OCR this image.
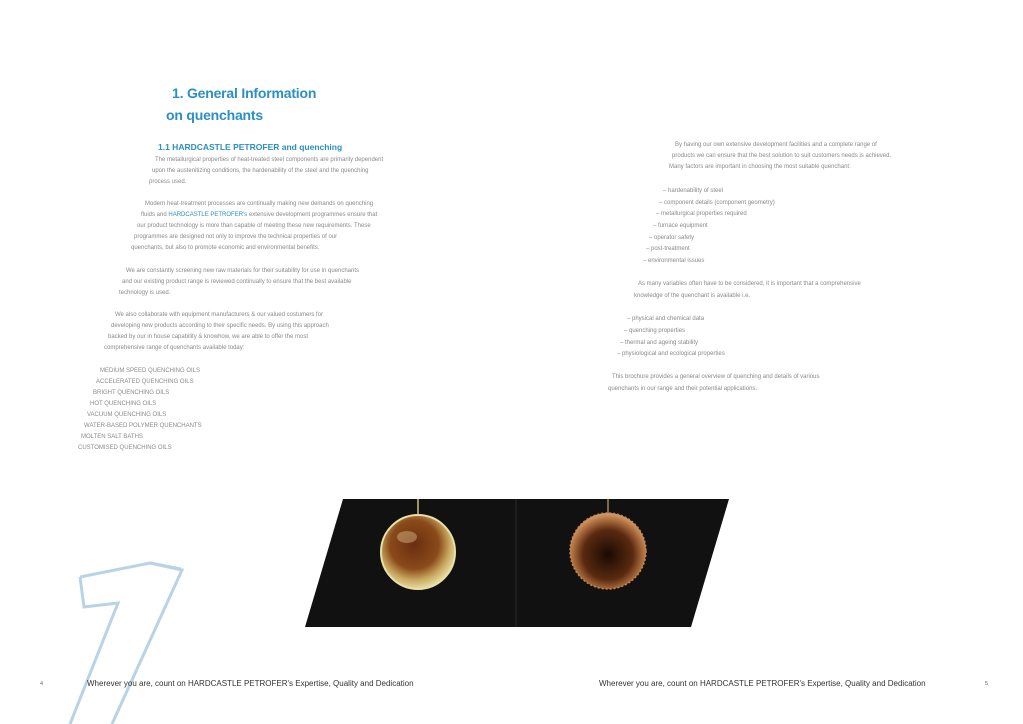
1. General Information
on quenchants
1.1 HARDCASTLE PETROFER and quenching
The metallurgical properties of heat-treated steel components are primarily dependent
upon the austenitizing conditions, the hardenability of the steel and the quenching
process used.
Modern heat-treatment processes are continually making new demands on quenching
fluids and HARDCASTLE PETROFER's extensive development programmes ensure that
our product technology is more than capable of meeting these new requirements. These
programmes are designed not only to improve the technical properties of our
quenchants, but also to promote economic and environmental benefits.
We are constantly screening new raw materials for their suitability for use in quenchants
and our existing product range is reviewed continually to ensure that the best available
technology is used.
We also collaborate with equipment manufacturers & our valued costumers for
developing new products according to their specific needs. By using this approach
backed by our in house capability & knowhow, we are able to offer the most
comprehensive range of quenchants available today:
MEDIUM SPEED QUENCHING OILS
ACCELERATED QUENCHING OILS
BRIGHT QUENCHING OILS
HOT QUENCHING OILS
VACUUM QUENCHING OILS
WATER-BASED POLYMER QUENCHANTS
MOLTEN SALT BATHS
CUSTOMISED QUENCHING OILS
By having our own extensive development facilities and a complete range of
products we can ensure that the best solution to suit customers needs is achieved.
Many factors are important in choosing the most suitable quenchant:
– hardenability of steel
– component details (component geometry)
– metallurgical properties required
– furnace equipment
– operator safety
– post-treatment
– environmental issues
As many variables often have to be considered, it is important that a comprehensive
knowledge of the quenchant is available i.e.
– physical and chemical data
– quenching properties
– thermal and ageing stability
– physiological and ecological properties
This brochure provides a general overview of quenching and details of various
quenchants in our range and their potential applications.
4	Wherever you are, count on HARDCASTLE PETROFER's Expertise, Quality and Dedication	Wherever you are, count on HARDCASTLE PETROFER's Expertise, Quality and Dedication	5
